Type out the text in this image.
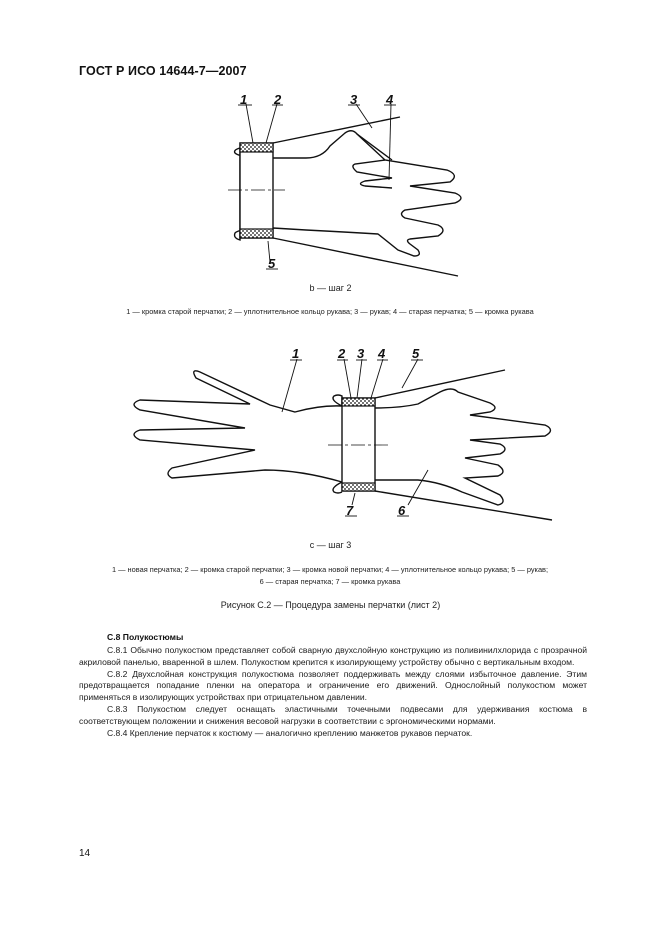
ГОСТ Р ИСО 14644-7—2007
1 2	3 4
5
b — шаг 2
1 — кромка старой перчатки; 2 — уплотнительное кольцо рукава; 3 — рукав; 4 — старая перчатка; 5 — кромка рукава
1	2 3 4 5
6
7
c — шаг 3
1 — новая перчатка; 2 — кромка старой перчатки; 3 — кромка новой перчатки; 4 — уплотнительное кольцо рукава; 5 — рукав;
6 — старая перчатка; 7 — кромка рукава
Рисунок С.2 — Процедура замены перчатки (лист 2)
С.8 Полукостюмы

С.8.1 Обычно полукостюм представляет собой сварную двухслойную конструкцию из поливинилхлорида с прозрачной акриловой панелью, вваренной в шлем. Полукостюм крепится к изолирующему устройству обычно с вертикальным входом.

С.8.2 Двухслойная конструкция полукостюма позволяет поддерживать между слоями избыточное давление. Этим предотвращается попадание пленки на оператора и ограничение его движений. Однослойный полукостюм может применяться в изолирующих устройствах при отрицательном давлении.

С.8.3 Полукостюм следует оснащать эластичными точечными подвесами для удерживания костюма в соответствующем положении и снижения весовой нагрузки в соответствии с эргономическими нормами.

С.8.4 Крепление перчаток к костюму — аналогично креплению манжетов рукавов перчаток.

14
